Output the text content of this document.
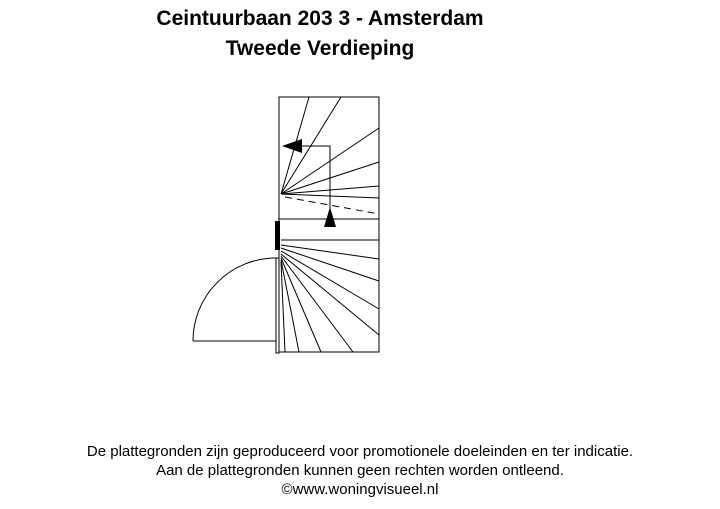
Ceintuurbaan 203 3 - Amsterdam
Tweede Verdieping
De plattegronden zijn geproduceerd voor promotionele doeleinden en ter indicatie.
Aan de plattegronden kunnen geen rechten worden ontleend.
©www.woningvisueel.nl
